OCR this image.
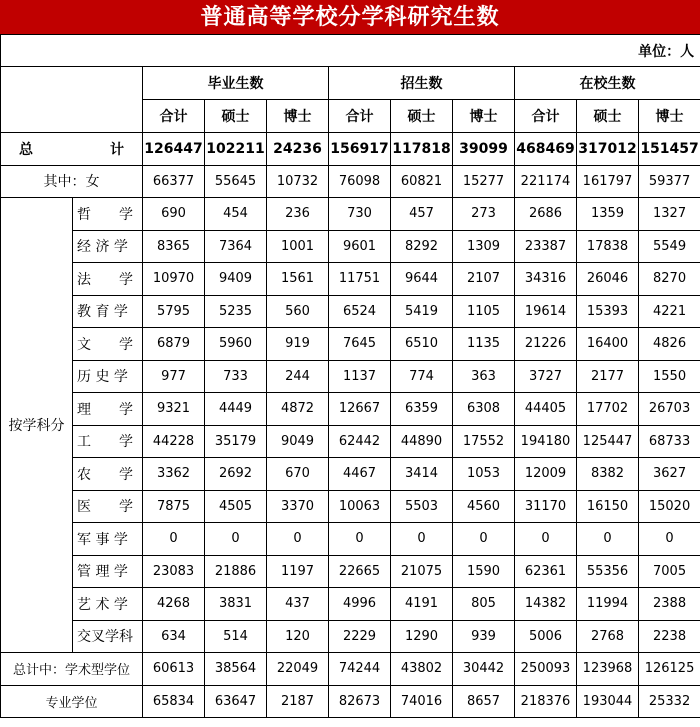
普通高等学校分学科研究生数
单位：人										
		毕业生数			招生数			在校生数		
		合计	硕士	博士	合计	硕士	博士	合计	硕士	博士
总 计		126447	102211	24236	156917	117818	39099	468469	317012	151457
其中：女		66377	55645	10732	76098	60821	15277	221174	161797	59377
按学科分	哲　　学	690	454	236	730	457	273	2686	1359	1327
	经 济 学	8365	7364	1001	9601	8292	1309	23387	17838	5549
	法　　学	10970	9409	1561	11751	9644	2107	34316	26046	8270
	教 育 学	5795	5235	560	6524	5419	1105	19614	15393	4221
	文　　学	6879	5960	919	7645	6510	1135	21226	16400	4826
	历 史 学	977	733	244	1137	774	363	3727	2177	1550
	理　　学	9321	4449	4872	12667	6359	6308	44405	17702	26703
	工　　学	44228	35179	9049	62442	44890	17552	194180	125447	68733
	农　　学	3362	2692	670	4467	3414	1053	12009	8382	3627
	医　　学	7875	4505	3370	10063	5503	4560	31170	16150	15020
	军 事 学	0	0	0	0	0	0	0	0	0
	管 理 学	23083	21886	1197	22665	21075	1590	62361	55356	7005
	艺 术 学	4268	3831	437	4996	4191	805	14382	11994	2388
	交叉学科	634	514	120	2229	1290	939	5006	2768	2238
总计中：学术型学位		60613	38564	22049	74244	43802	30442	250093	123968	126125
专业学位		65834	63647	2187	82673	74016	8657	218376	193044	25332
